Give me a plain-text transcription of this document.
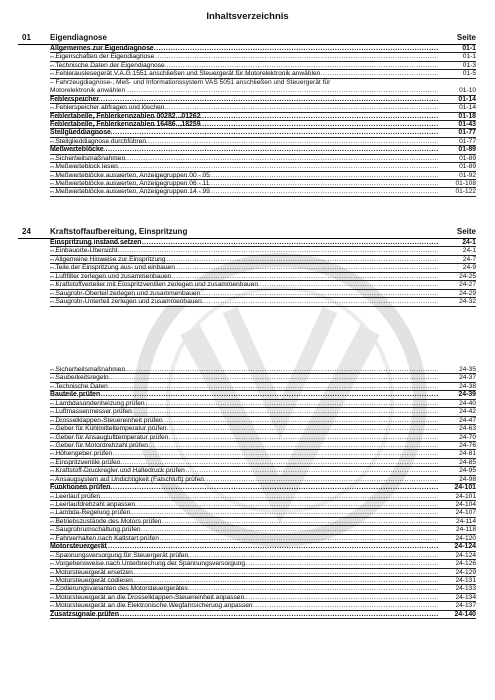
Inhaltsverzeichnis
01 Eigendiagnose	Seite
.....
Allgemeines zur Eigendiagnose	01-1
.....
– Eigenschaften der Eigendiagnose	01-1
.....
– Technische Daten der Eigendiagnose	01-3
.....
– Fehlerauslesegerät V.A.G 1551 anschließen und Steuergerät für Motorelektronik anwählen	01-5
.....
– Fahrzeugdiagnose-, Meß- und Informationssystem VAS 5051 anschließen und Steuergerät für
Motorelektronik anwählen	01-10
.....
Fehlerspeicher	01-14
.....
– Fehlerspeicher abfragen und löschen	01-14
.....
Fehlertabelle, Fehlerkennzahlen 00282...01262	01-18
.....
Fehlertabelle, Fehlerkennzahlen 16486...18259	01-43
.....
Stellglieddiagnose	01-77
.....
– Stellglieddiagnose durchführen	01-77
.....
Meßwerteblöcke	01-89
.....
– Sicherheitsmaßnahmen	01-89
.....
– Meßwerteblock lesen	01-89
.....
– Meßwerteblöcke auswerten, Anzeigegruppen 00 - 05	01-92
.....
– Meßwerteblöcke auswerten, Anzeigegruppen 06 - 11	01-108
.....
– Meßwerteblöcke auswerten, Anzeigegruppen 14 - 99	01-122
24 Kraftstoffaufbereitung, Einspritzung	Seite
.....
Einspritzung instand setzen	24-1
.....
– Einbauorte-Übersicht	24-1
.....
– Allgemeine Hinweise zur Einspritzung	24-7
.....
– Teile der Einspritzung aus- und einbauen	24-9
.....
– Luftfilter zerlegen und zusammenbauen	24-25
.....
– Kraftstoffverteiler mit Einspritzventilen zerlegen und zusammenbauen	24-27
.....
– Saugrohr-Oberteil zerlegen und zusammenbauen	24-29
.....
– Saugrohr-Unterteil zerlegen und zusammenbauen	24-32
.....
– Sicherheitsmaßnahmen	24-35
.....
– Sauberkeitsregeln	24-37
.....
– Technische Daten	24-38
.....
Bauteile prüfen	24-39
.....
– Lambdasondenheizung prüfen	24-40
.....
– Luftmassenmesser prüfen	24-42
.....
– Drosselklappen-Steuereinheit prüfen	24-47
.....
– Geber für Kühlmitteltemperatur prüfen	24-63
.....
– Geber für Ansauglufttemperatur prüfen	24-70
.....
– Geber für Motordrehzahl prüfen	24-76
.....
– Höhengeber prüfen	24-81
.....
– Einspritzventile prüfen	24-85
.....
– Kraftstoff-Druckregler und Haltedruck prüfen	24-95
.....
– Ansaugsystem auf Undichtigkeit (Falschluft) prüfen	24-98
.....
Funktionen prüfen	24-101
.....
– Leerlauf prüfen	24-101
.....
– Leerlaufdrehzahl anpassen	24-104
.....
– Lambda-Regelung prüfen	24-107
.....
– Betriebszustände des Motors prüfen	24-114
.....
– Saugrohrumschaltung prüfen	24-118
.....
– Fahrverhalten nach Kaltstart prüfen	24-120
.....
Motorsteuergerät	24-124
.....
– Spannungsversorgung für Steuergerät prüfen	24-124
.....
– Vorgehensweise nach Unterbrechung der Spannungsversorgung	24-126
.....
– Motorsteuergerät ersetzen	24-129
.....
– Motorsteuergerät codieren	24-131
.....
– Codierungsvarianten des Motorsteuergerätes	24-133
.....
– Motorsteuergerät an die Drosselklappen-Steuereinheit anpassen	24-134
.....
– Motorsteuergerät an die Elektronische Wegfahrsicherung anpassen	24-137
.....
Zusatzsignale prüfen	24-140
